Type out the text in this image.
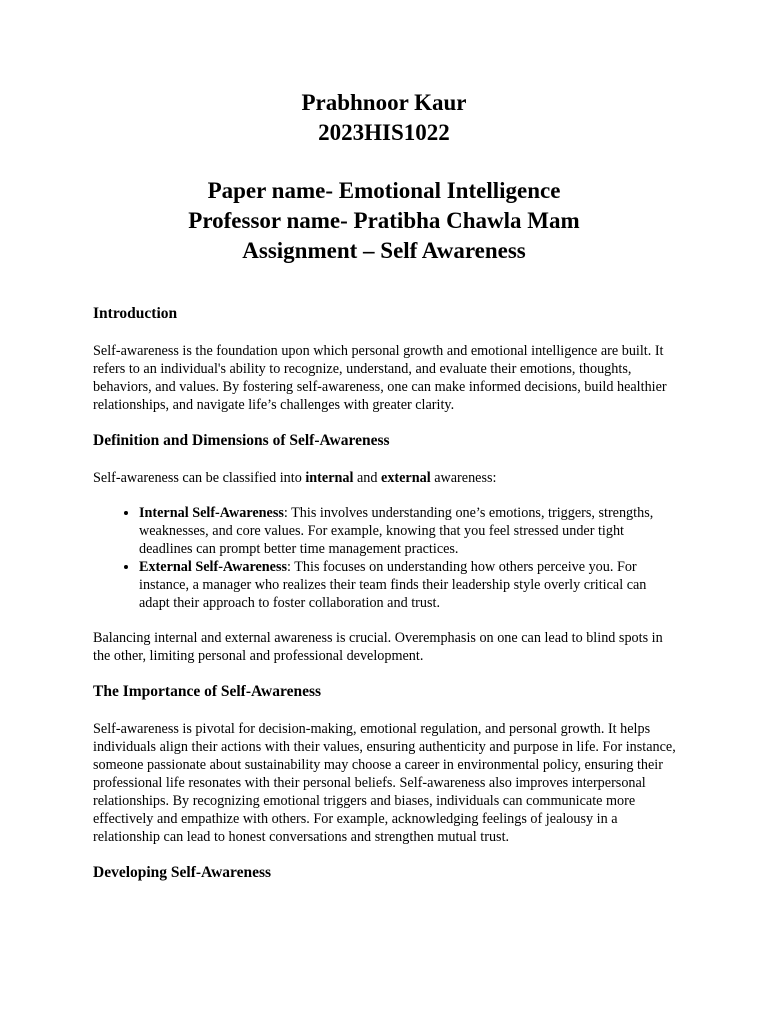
Prabhnoor Kaur
2023HIS1022
Paper name- Emotional Intelligence
Professor name- Pratibha Chawla Mam
Assignment – Self Awareness
Introduction

Self-awareness is the foundation upon which personal growth and emotional intelligence are built. It refers to an individual's ability to recognize, understand, and evaluate their emotions, thoughts, behaviors, and values. By fostering self-awareness, one can make informed decisions, build healthier relationships, and navigate life’s challenges with greater clarity.

Definition and Dimensions of Self-Awareness

Self-awareness can be classified into internal and external awareness:

• Internal Self-Awareness: This involves understanding one’s emotions, triggers, strengths, weaknesses, and core values. For example, knowing that you feel stressed under tight deadlines can prompt better time management practices.
• External Self-Awareness: This focuses on understanding how others perceive you. For instance, a manager who realizes their team finds their leadership style overly critical can adapt their approach to foster collaboration and trust.

Balancing internal and external awareness is crucial. Overemphasis on one can lead to blind spots in the other, limiting personal and professional development.

The Importance of Self-Awareness

Self-awareness is pivotal for decision-making, emotional regulation, and personal growth. It helps individuals align their actions with their values, ensuring authenticity and purpose in life. For instance, someone passionate about sustainability may choose a career in environmental policy, ensuring their professional life resonates with their personal beliefs. Self-awareness also improves interpersonal relationships. By recognizing emotional triggers and biases, individuals can communicate more effectively and empathize with others. For example, acknowledging feelings of jealousy in a relationship can lead to honest conversations and strengthen mutual trust.

Developing Self-Awareness
